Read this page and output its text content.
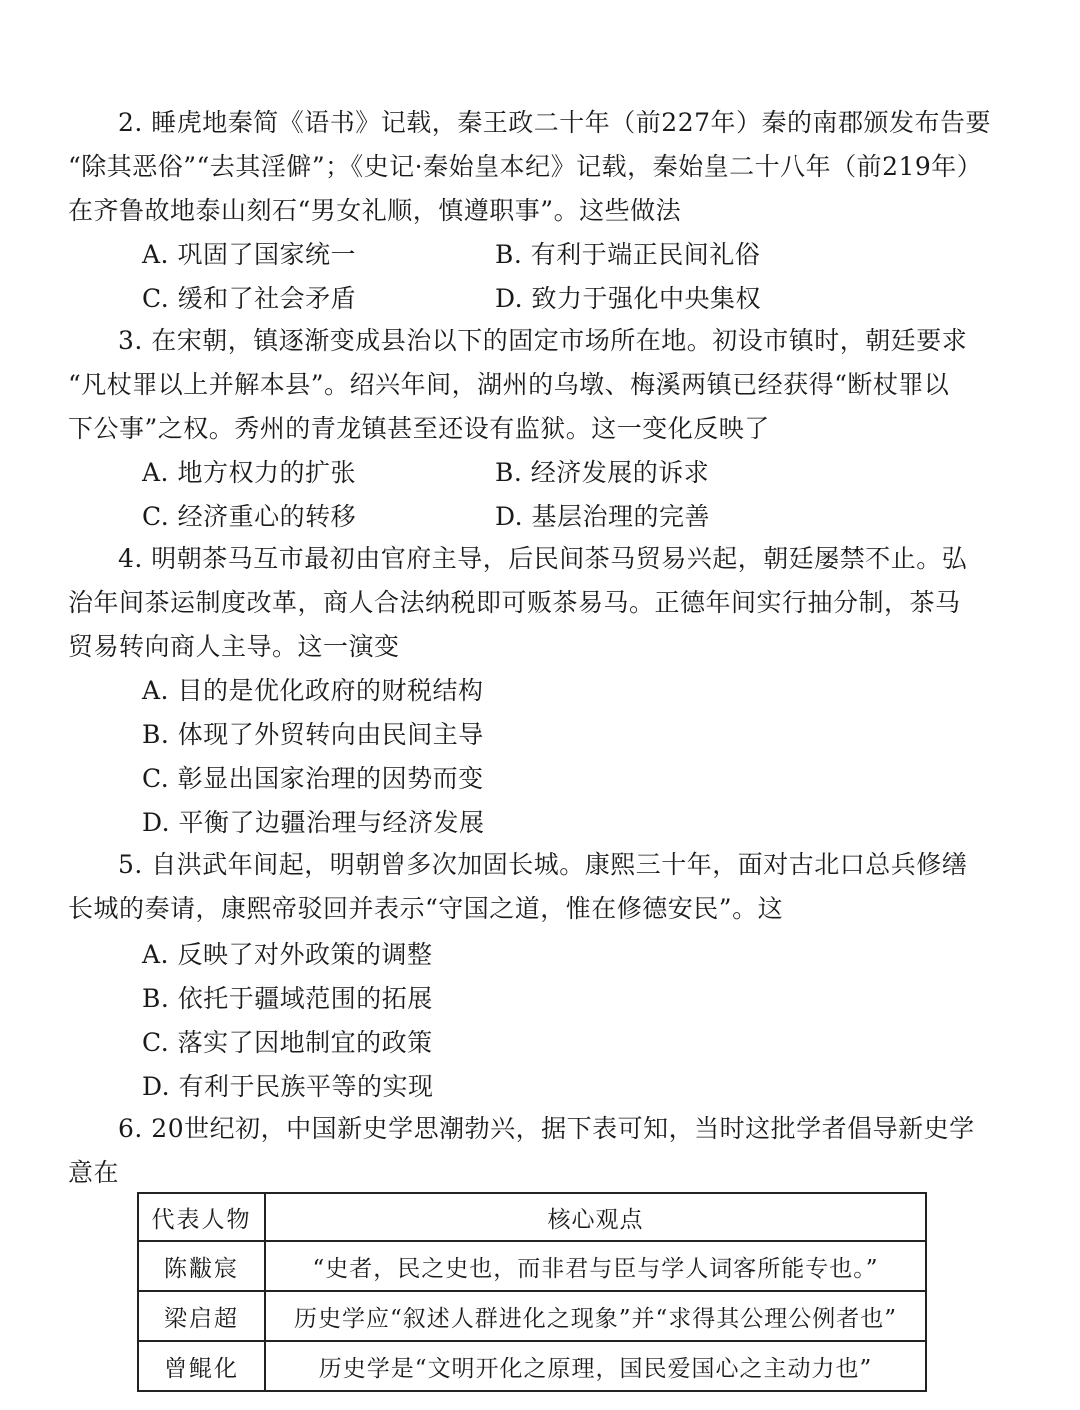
2. 睡虎地秦简《语书》记载，秦王政二十年（前227年）秦的南郡颁发布告要
“除其恶俗”“去其淫僻”；《史记·秦始皇本纪》记载，秦始皇二十八年（前219年）
在齐鲁故地泰山刻石“男女礼顺，慎遵职事”。这些做法
A. 巩固了国家统一	B. 有利于端正民间礼俗
C. 缓和了社会矛盾	D. 致力于强化中央集权
3. 在宋朝，镇逐渐变成县治以下的固定市场所在地。初设市镇时，朝廷要求
“凡杖罪以上并解本县”。绍兴年间，湖州的乌墩、梅溪两镇已经获得“断杖罪以
下公事”之权。秀州的青龙镇甚至还设有监狱。这一变化反映了
A. 地方权力的扩张	B. 经济发展的诉求
C. 经济重心的转移	D. 基层治理的完善
4. 明朝茶马互市最初由官府主导，后民间茶马贸易兴起，朝廷屡禁不止。弘
治年间茶运制度改革，商人合法纳税即可贩茶易马。正德年间实行抽分制，茶马
贸易转向商人主导。这一演变
A. 目的是优化政府的财税结构
B. 体现了外贸转向由民间主导
C. 彰显出国家治理的因势而变
D. 平衡了边疆治理与经济发展
5. 自洪武年间起，明朝曾多次加固长城。康熙三十年，面对古北口总兵修缮
长城的奏请，康熙帝驳回并表示“守国之道，惟在修德安民”。这
A. 反映了对外政策的调整
B. 依托于疆域范围的拓展
C. 落实了因地制宜的政策
D. 有利于民族平等的实现
6. 20世纪初，中国新史学思潮勃兴，据下表可知，当时这批学者倡导新史学
意在
代表人物	核心观点
陈黻宸	“史者，民之史也，而非君与臣与学人词客所能专也。”
梁启超	历史学应“叙述人群进化之现象”并“求得其公理公例者也”
曾鲲化	历史学是“文明开化之原理，国民爱国心之主动力也”
